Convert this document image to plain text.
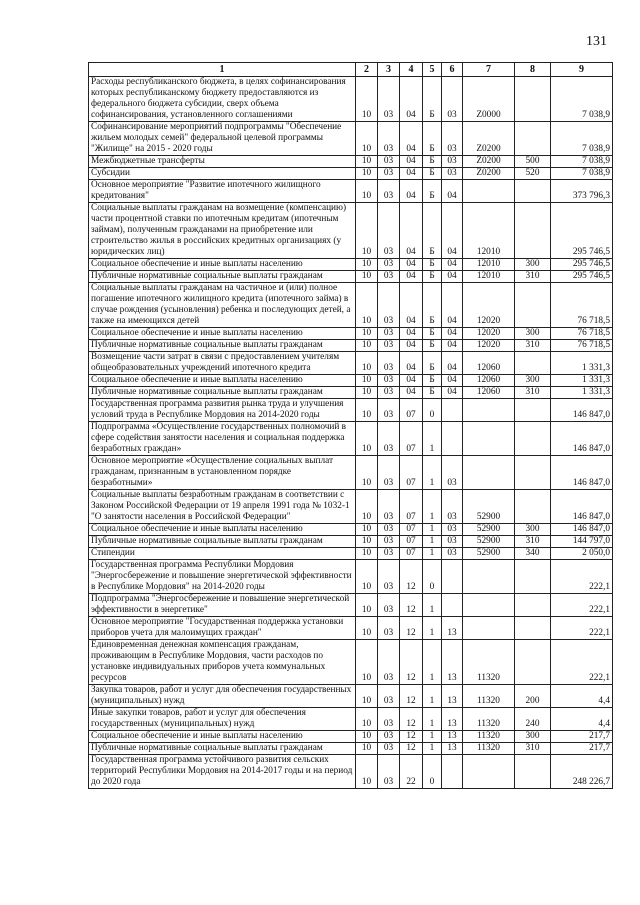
131
1	2	3	4	5	6	7	8	9
Расходы республиканского бюджета, в целях софинансирования которых республиканскому бюджету предоставляются из федерального бюджета субсидии, сверх объема софинансирования, установленного соглашениями	10	03	04	Б	03	Z0000		7 038,9
Софинансирование мероприятий подпрограммы "Обеспечение жильем молодых семей" федеральной целевой программы "Жилище" на 2015 - 2020 годы	10	03	04	Б	03	Z0200		7 038,9
Межбюджетные трансферты	10	03	04	Б	03	Z0200	500	7 038,9
Субсидии	10	03	04	Б	03	Z0200	520	7 038,9
Основное мероприятие "Развитие ипотечного жилищного кредитования"	10	03	04	Б	04			373 796,3
Социальные выплаты гражданам на возмещение (компенсацию) части процентной ставки по ипотечным кредитам (ипотечным займам), полученным гражданами на приобретение или строительство жилья в российских кредитных организациях (у юридических лиц)	10	03	04	Б	04	12010		295 746,5
Социальное обеспечение и иные выплаты населению	10	03	04	Б	04	12010	300	295 746,5
Публичные нормативные социальные выплаты гражданам	10	03	04	Б	04	12010	310	295 746,5
Социальные выплаты гражданам на частичное и (или) полное погашение ипотечного жилищного кредита (ипотечного займа) в случае рождения (усыновления) ребенка и последующих детей, а также на имеющихся детей	10	03	04	Б	04	12020		76 718,5
Социальное обеспечение и иные выплаты населению	10	03	04	Б	04	12020	300	76 718,5
Публичные нормативные социальные выплаты гражданам	10	03	04	Б	04	12020	310	76 718,5
Возмещение части затрат в связи с предоставлением учителям общеобразовательных учреждений ипотечного кредита	10	03	04	Б	04	12060		1 331,3
Социальное обеспечение и иные выплаты населению	10	03	04	Б	04	12060	300	1 331,3
Публичные нормативные социальные выплаты гражданам	10	03	04	Б	04	12060	310	1 331,3
Государственная программа развития рынка труда и улучшения условий труда в Республике Мордовия на 2014-2020 годы	10	03	07	0				146 847,0
Подпрограмма «Осуществление государственных полномочий в сфере содействия занятости населения и социальная поддержка безработных граждан»	10	03	07	1				146 847,0
Основное мероприятие «Осуществление социальных выплат гражданам, признанным в установленном порядке безработными»	10	03	07	1	03			146 847,0
Социальные выплаты безработным гражданам в соответствии с Законом Российской Федерации от 19 апреля 1991 года № 1032-1 "О занятости населения в Российской Федерации"	10	03	07	1	03	52900		146 847,0
Социальное обеспечение и иные выплаты населению	10	03	07	1	03	52900	300	146 847,0
Публичные нормативные социальные выплаты гражданам	10	03	07	1	03	52900	310	144 797,0
Стипендии	10	03	07	1	03	52900	340	2 050,0
Государственная программа Республики Мордовия "Энергосбережение и повышение энергетической эффективности в Республике Мордовия" на 2014-2020 годы	10	03	12	0				222,1
Подпрограмма "Энергосбережение и повышение энергетической эффективности в энергетике"	10	03	12	1				222,1
Основное мероприятие "Государственная поддержка установки приборов учета для малоимущих граждан"	10	03	12	1	13			222,1
Единовременная денежная компенсация гражданам, проживающим в Республике Мордовия, части расходов по установке индивидуальных приборов учета коммунальных ресурсов	10	03	12	1	13	11320		222,1
Закупка товаров, работ и услуг для обеспечения государственных (муниципальных) нужд	10	03	12	1	13	11320	200	4,4
Иные закупки товаров, работ и услуг для обеспечения государственных (муниципальных) нужд	10	03	12	1	13	11320	240	4,4
Социальное обеспечение и иные выплаты населению	10	03	12	1	13	11320	300	217,7
Публичные нормативные социальные выплаты гражданам	10	03	12	1	13	11320	310	217,7
Государственная программа устойчивого развития сельских территорий Республики Мордовия на 2014-2017 годы и на период до 2020 года	10	03	22	0				248 226,7
